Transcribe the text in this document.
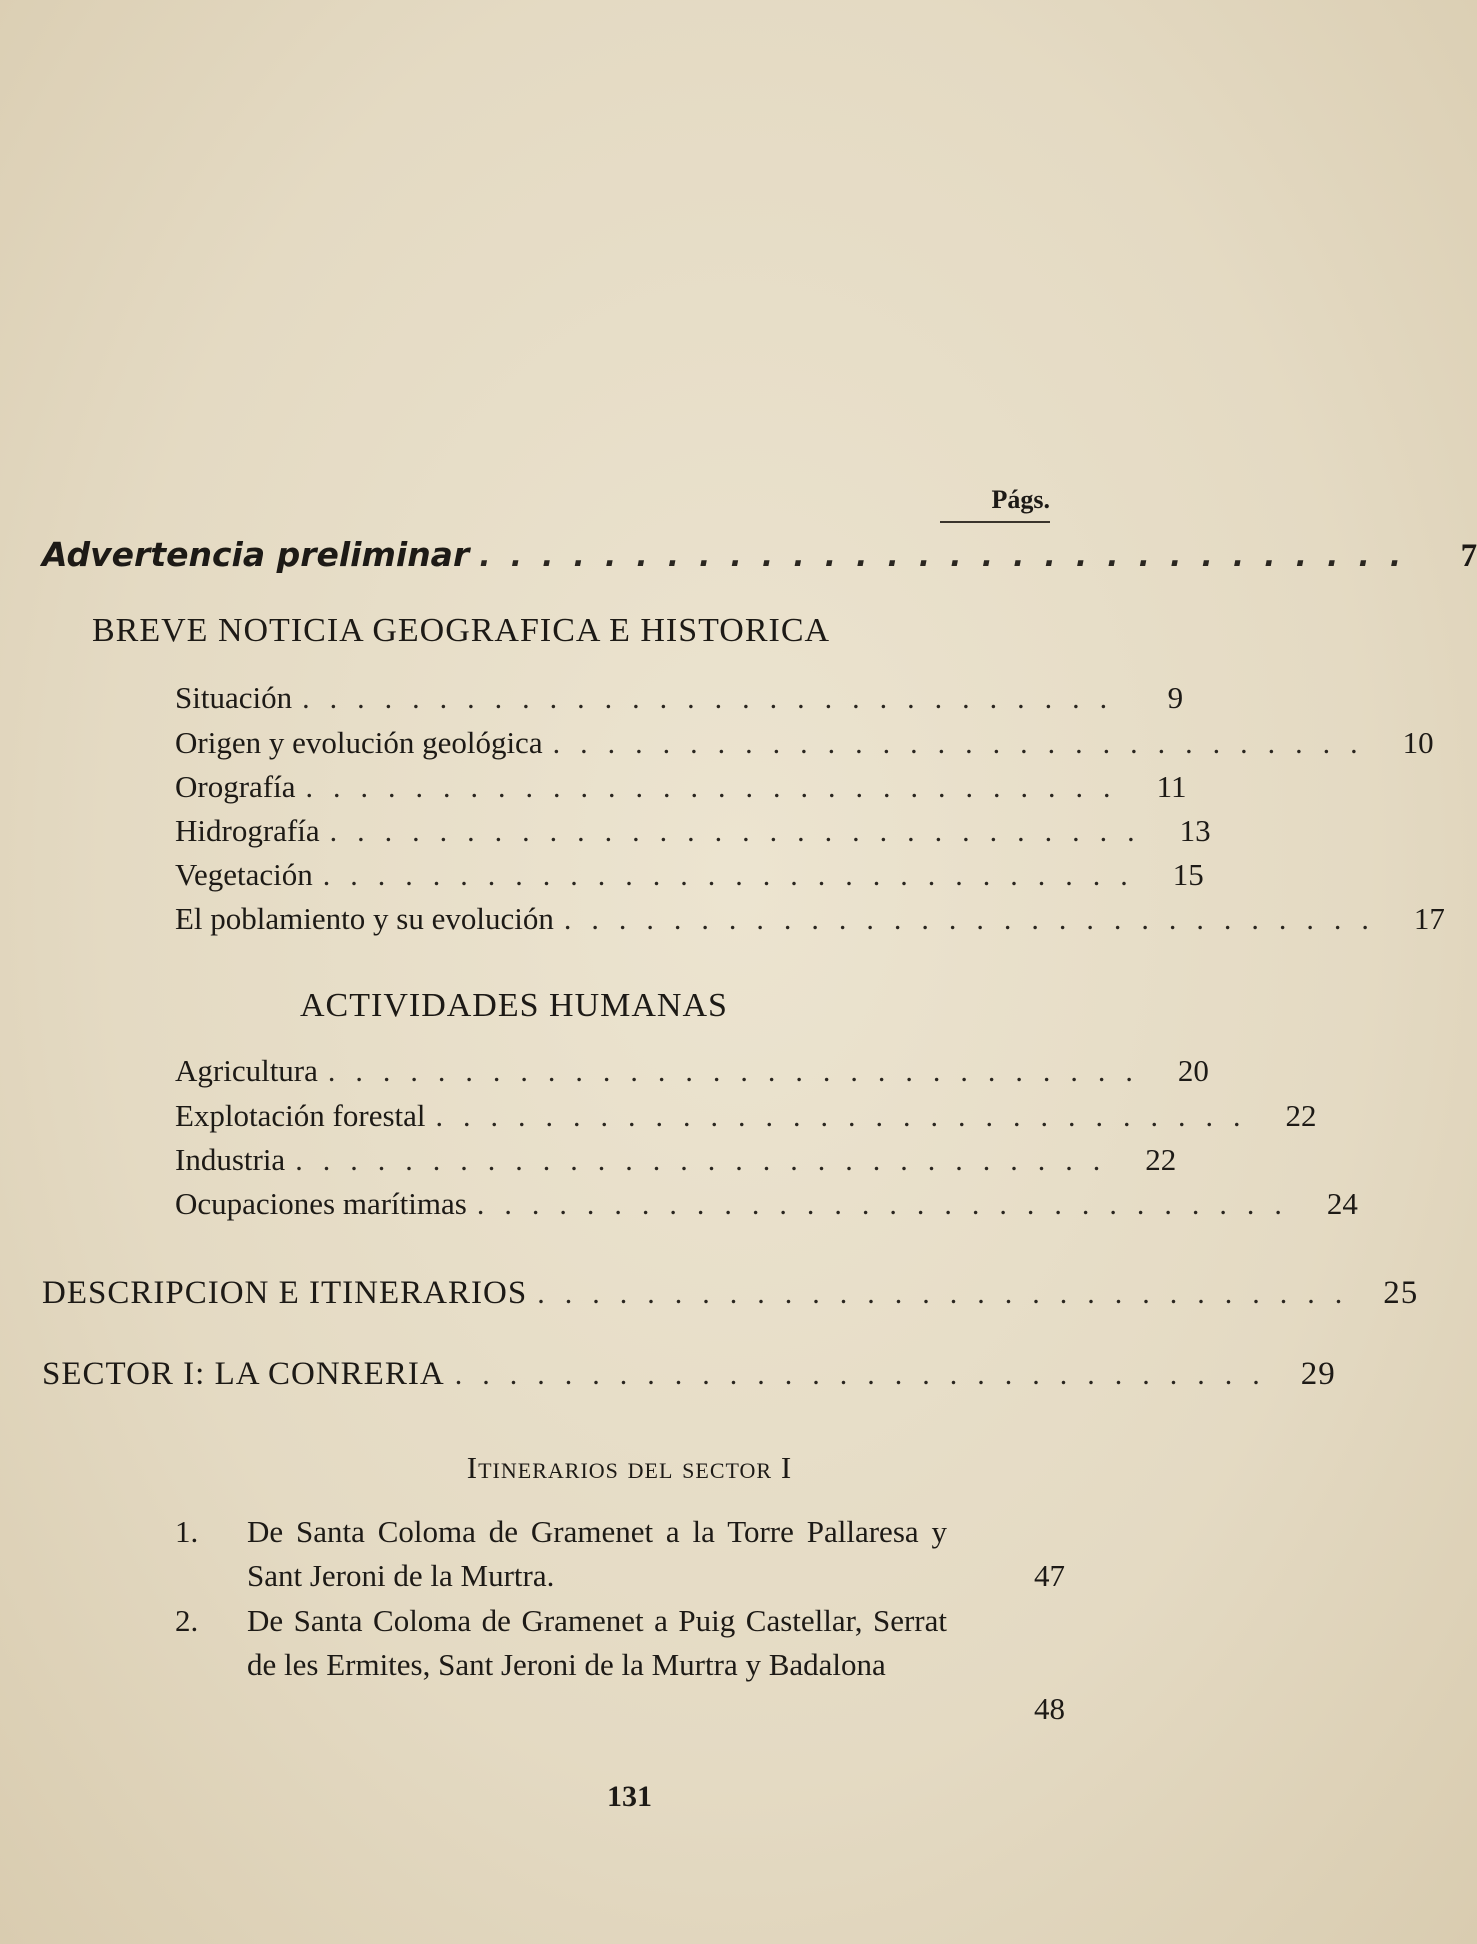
Págs.
Advertencia preliminar ..............................	7
BREVE NOTICIA GEOGRAFICA E HISTORICA
Situación ..............................	9
Origen y evolución geológica .............................. 10
Orografía .............................. 11
Hidrografía .............................. 13
Vegetación .............................. 15
El poblamiento y su evolución .............................. 17
ACTIVIDADES HUMANAS
Agricultura .............................. 20
Explotación forestal .............................. 22
Industria .............................. 22
Ocupaciones marítimas .............................. 24
DESCRIPCION E ITINERARIOS .............................. 25
SECTOR I: LA CONRERIA .............................. 29
Itinerarios del sector I
1.	De Santa Coloma de Gramenet a la Torre Pallaresa y Sant Jeroni de la Murtra.	47
2.	De Santa Coloma de Gramenet a Puig Castellar, Serrat de les Ermites, Sant Jeroni de la Murtra y Badalona
48
131
